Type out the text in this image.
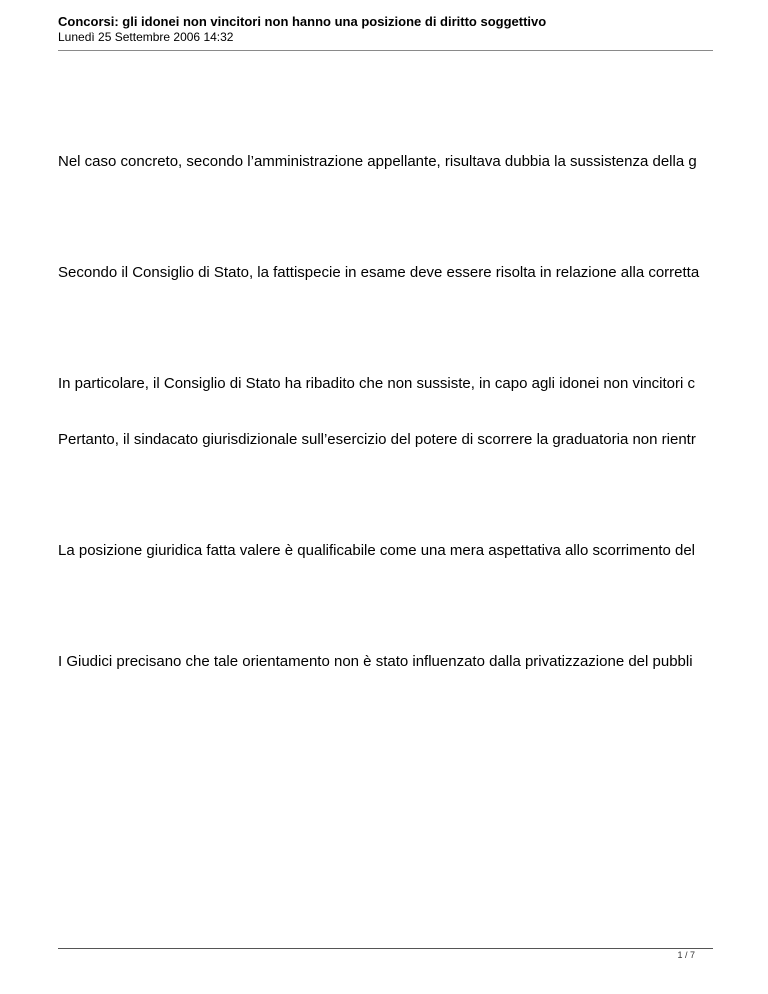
Concorsi: gli idonei non vincitori non hanno una posizione di diritto soggettivo
Lunedì 25 Settembre 2006 14:32
Nel caso concreto, secondo l’amministrazione appellante, risultava dubbia la sussistenza della g
Secondo il Consiglio di Stato, la fattispecie in esame deve essere risolta in relazione alla corretta
In particolare, il Consiglio di Stato ha ribadito che non sussiste, in capo agli idonei non vincitori c
Pertanto, il sindacato giurisdizionale sull’esercizio del potere di scorrere la graduatoria non rientr
La posizione giuridica fatta valere è qualificabile come una mera aspettativa allo scorrimento del
I Giudici precisano che tale orientamento non è stato influenzato dalla privatizzazione del pubbli
1 / 7
